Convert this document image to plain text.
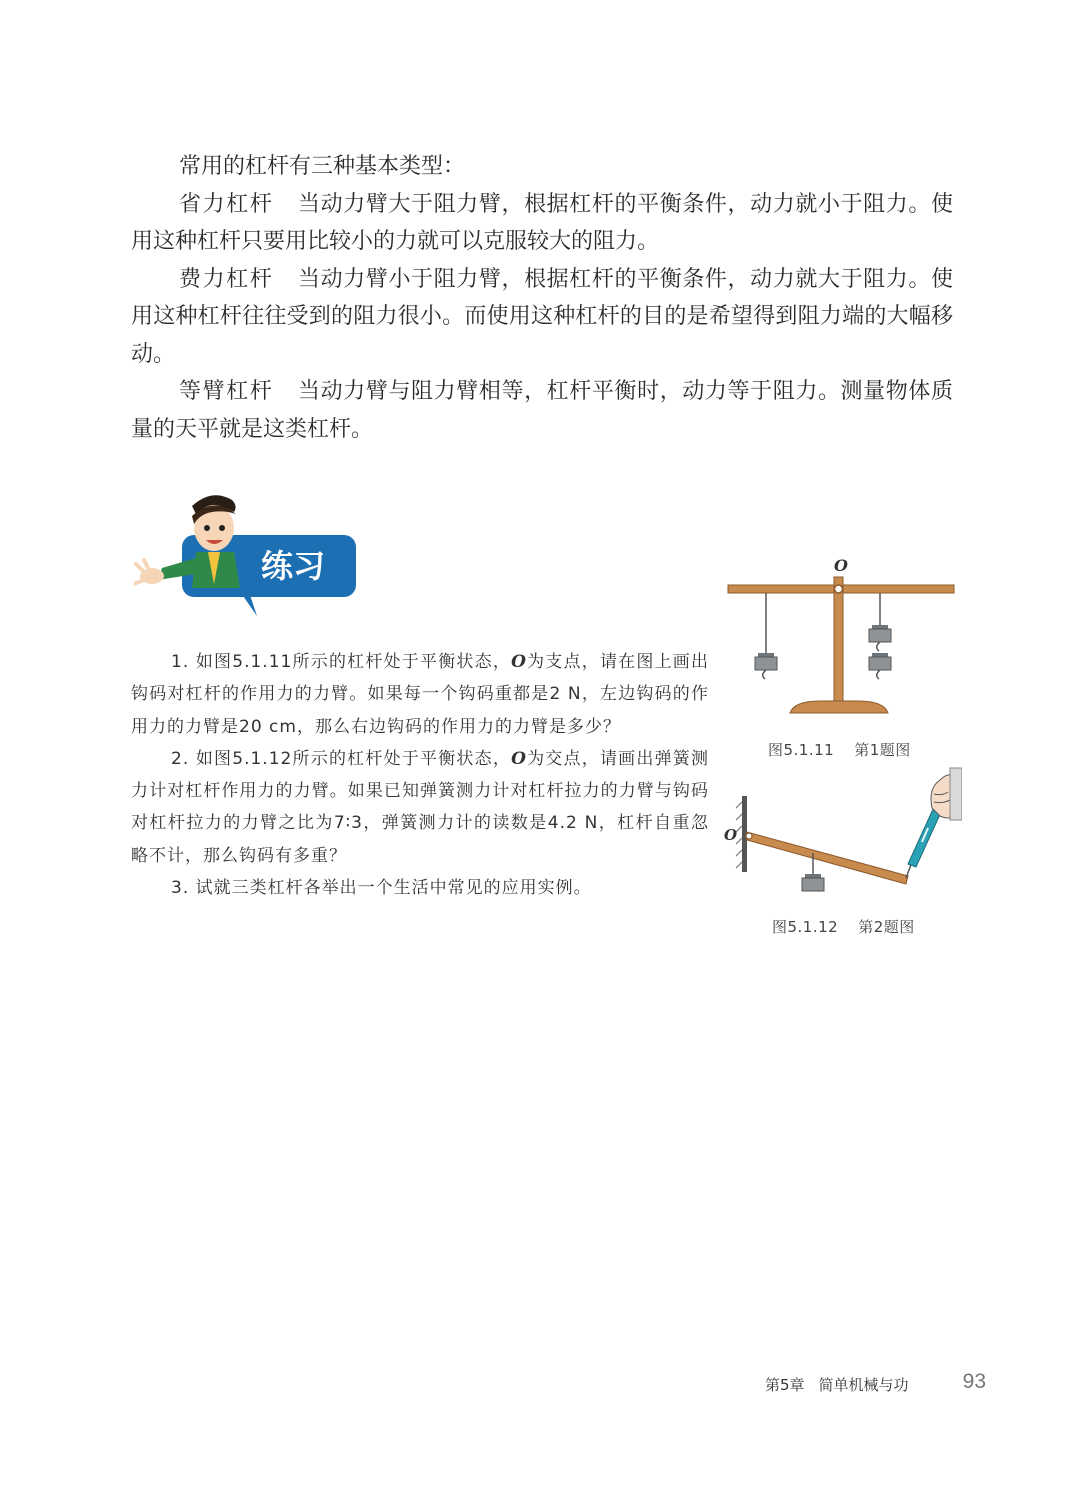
常用的杠杆有三种基本类型：

省力杠杆 当动力臂大于阻力臂，根据杠杆的平衡条件，动力就小于阻力。使用这种杠杆只要用比较小的力就可以克服较大的阻力。

费力杠杆 当动力臂小于阻力臂，根据杠杆的平衡条件，动力就大于阻力。使用这种杠杆往往受到的阻力很小。而使用这种杠杆的目的是希望得到阻力端的大幅移动。

等臂杠杆 当动力臂与阻力臂相等，杠杆平衡时，动力等于阻力。测量物体质量的天平就是这类杠杆。

练习

1. 如图5.1.11所示的杠杆处于平衡状态，O为支点，请在图上画出钩码对杠杆的作用力的力臂。如果每一个钩码重都是2 N，左边钩码的作用力的力臂是20 cm，那么右边钩码的作用力的力臂是多少？

2. 如图5.1.12所示的杠杆处于平衡状态，O为交点，请画出弹簧测力计对杠杆作用力的力臂。如果已知弹簧测力计对杠杆拉力的力臂与钩码对杠杆拉力的力臂之比为7∶3，弹簧测力计的读数是4.2 N，杠杆自重忽略不计，那么钩码有多重？

3. 试就三类杠杆各举出一个生活中常见的应用实例。

O
图5.1.11 第1题图
O
图5.1.12 第2题图
第5章 简单机械与功	93
